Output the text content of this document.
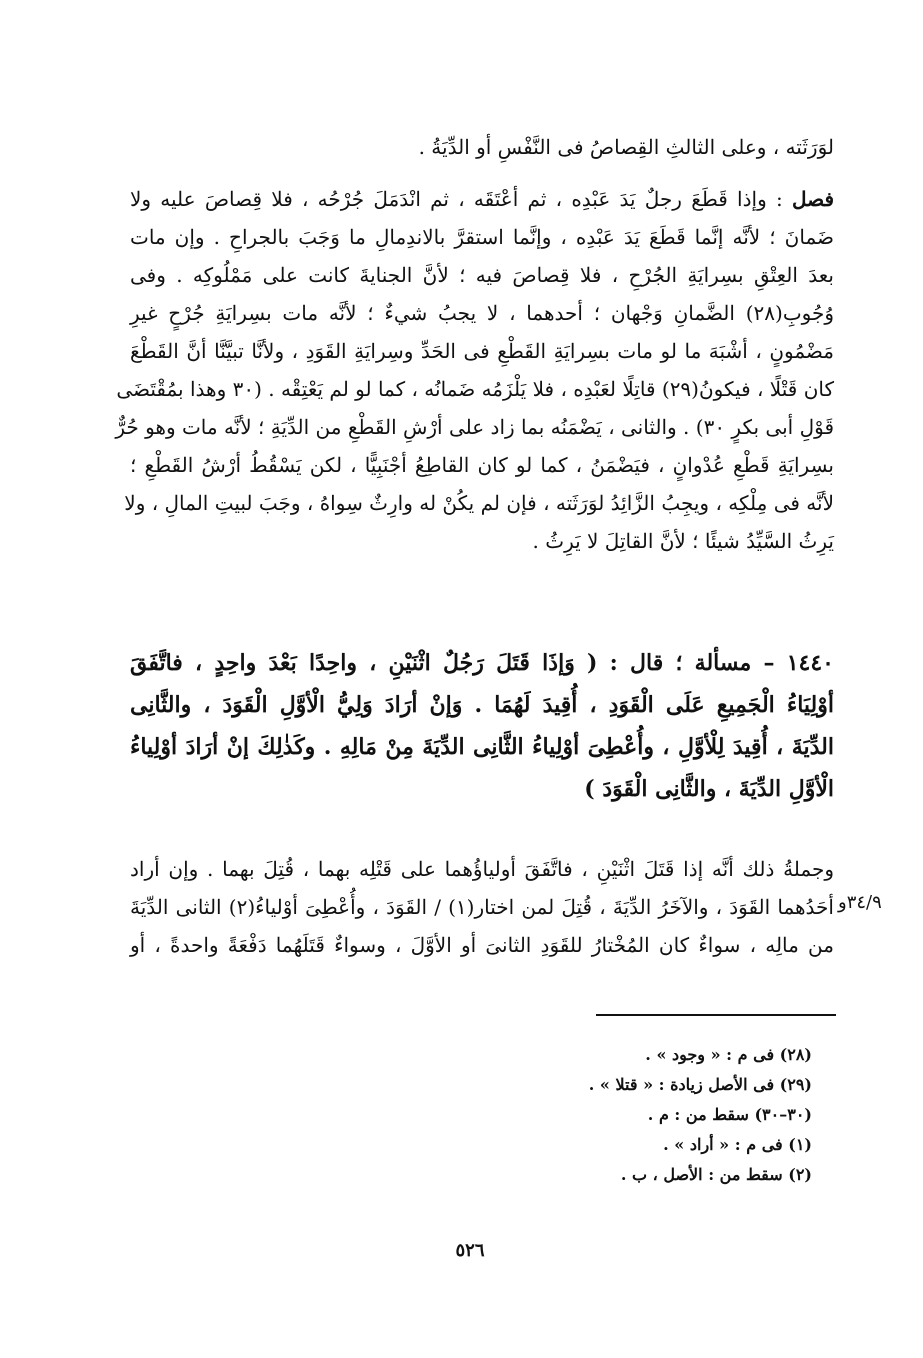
لوَرَثَته ، وعلى الثالثِ القِصاصُ فى النَّفْسِ أو الدِّيَةُ .
فصل : وإذا قَطَعَ رجلٌ يَدَ عَبْدِه ، ثم أعْتَقَه ، ثم انْدَمَلَ جُرْحُه ، فلا قِصاصَ عليه ولا
ضَمانَ ؛ لأنَّه إنَّما قَطَعَ يَدَ عَبْدِه ، وإنَّما استقرَّ بالاندِمالِ ما وَجَبَ بالجراحِ . وإن مات
بعدَ العِتْقِ بسِرايَةِ الجُرْحِ ، فلا قِصاصَ فيه ؛ لأنَّ الجنايةَ كانت على مَمْلُوكِه . وفى
وُجُوبِ(٢٨) الضَّمانِ وَجْهان ؛ أحدهما ، لا يجبُ شيءٌ ؛ لأنَّه مات بسِرايَةِ جُرْحٍ غيرِ
مَضْمُونٍ ، أشْبَهَ ما لو مات بسِرايَةِ القَطْعِ فى الحَدِّ وسِرايَةِ القَوَدِ ، ولأنَّا تبيَّنَّا أنَّ القَطْعَ
كان قَتْلًا ، فيكونُ(٢٩) قاتِلًا لعَبْدِه ، فلا يَلْزَمُه ضَمانُه ، كما لو لم يَعْتِقْه . (٣٠ وهذا بمُقْتَضَى
قَوْلِ أبى بكرٍ ٣٠) . والثانى ، يَضْمَنُه بما زاد على أرْشِ القَطْعِ من الدِّيَةِ ؛ لأنَّه مات وهو حُرٌّ
بسِرايَةِ قَطْعِ عُدْوانٍ ، فيَضْمَنُ ، كما لو كان القاطِعُ أجْنَبِيًّا ، لكن يَسْقُطُ أرْشُ القَطْعِ ؛
لأنَّه فى مِلْكِه ، ويجِبُ الزَّائِدُ لوَرَثَته ، فإن لم يكُنْ له وارِثٌ سِواهُ ، وجَبَ لبيتِ المالِ ، ولا
يَرِثُ السَّيِّدُ شيئًا ؛ لأنَّ القاتِلَ لا يَرِثُ .
١٤٤٠ – مسألة ؛ قال : ( وَإذَا قَتَلَ رَجُلٌ اثْنَيْنِ ، واحِدًا بَعْدَ واحِدٍ ، فاتَّفَقَ
أوْلِيَاءُ الْجَمِيعِ عَلَى الْقَوَدِ ، أُقِيدَ لَهُمَا . وَإنْ أرَادَ وَلِيُّ الْأوَّلِ الْقَوَدَ ، والثَّانِى
الدِّيَةَ ، أُقِيدَ لِلْأوَّلِ ، وأُعْطِىَ أوْلِياءُ الثَّانِى الدِّيَةَ مِنْ مَالِهِ . وكَذٰلِكَ إنْ أرَادَ أوْلِياءُ
الْأوَّلِ الدِّيَةَ ، والثَّانِى الْقَوَدَ )
وجملةُ ذلك أنَّه إذا قَتَلَ اثْنَيْنِ ، فاتَّفَقَ أولياؤُهما على قَتْلِه بهما ، قُتِلَ بهما . وإن أراد
أحَدُهما القَوَدَ ، والآخَرُ الدِّيَةَ ، قُتِلَ لمن اختار(١) / القَوَدَ ، وأُعْطِىَ أوْلياءُ(٢) الثانى الدِّيَةَ
من مالِه ، سواءٌ كان المُخْتارُ للقَوَدِ الثانىَ أو الأوَّلَ ، وسواءٌ قَتَلَهُما دَفْعَةً واحدةً ، أو
٣٤/٩و
(٢٨) فى م : « وجود » .
(٢٩) فى الأصل زيادة : « قتلا » .
(٣٠–٣٠) سقط من : م .
(١) فى م : « أراد » .
(٢) سقط من : الأصل ، ب .
٥٢٦
